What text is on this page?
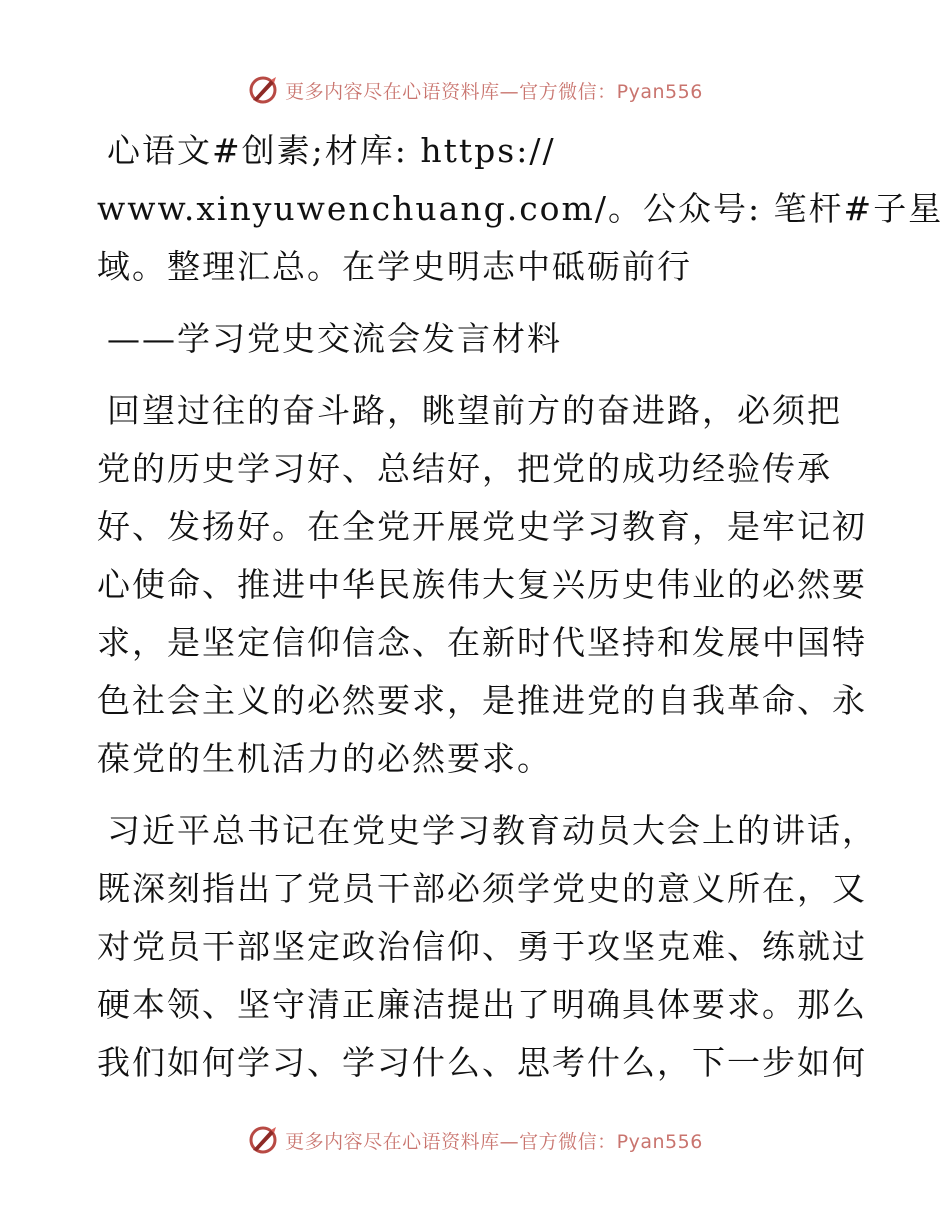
更多内容尽在心语资料库—官方微信：Pyan556
心语文#创素;材库: https://
www.xinyuwenchuang.com/。公众号: 笔杆#子星
域。整理汇总。在学史明志中砥砺前行
——学习党史交流会发言材料
回望过往的奋斗路，眺望前方的奋进路，必须把
党的历史学习好、总结好，把党的成功经验传承
好、发扬好。在全党开展党史学习教育，是牢记初
心使命、推进中华民族伟大复兴历史伟业的必然要
求，是坚定信仰信念、在新时代坚持和发展中国特
色社会主义的必然要求，是推进党的自我革命、永
葆党的生机活力的必然要求。
习近平总书记在党史学习教育动员大会上的讲话，
既深刻指出了党员干部必须学党史的意义所在，又
对党员干部坚定政治信仰、勇于攻坚克难、练就过
硬本领、坚守清正廉洁提出了明确具体要求。那么
我们如何学习、学习什么、思考什么，下一步如何
更多内容尽在心语资料库—官方微信：Pyan556
